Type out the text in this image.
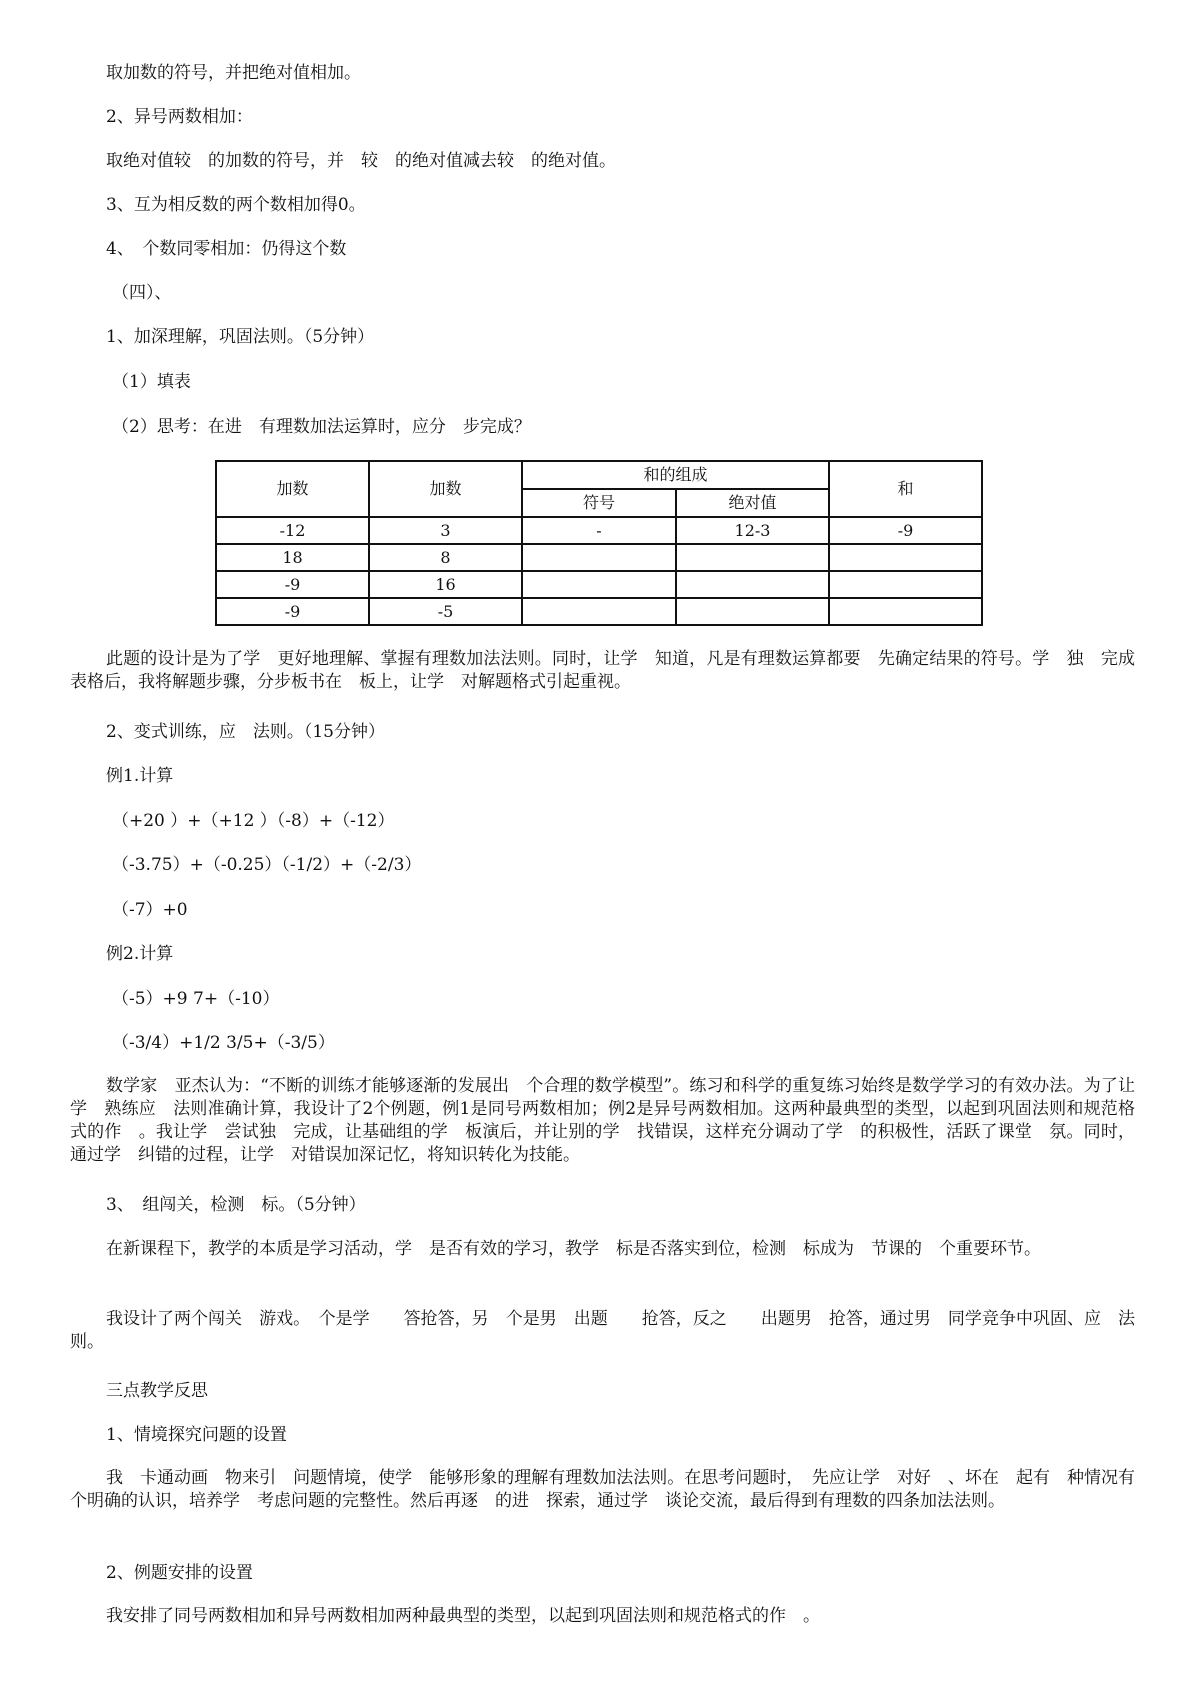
取加数的符号，并把绝对值相加。

2、异号两数相加：

取绝对值较　的加数的符号，并　较　的绝对值减去较　的绝对值。

3、互为相反数的两个数相加得0。

4、　个数同零相加：仍得这个数

（四）、

1、加深理解，巩固法则。（5分钟）

（1）填表

（2）思考：在进　有理数加法运算时，应分　步完成？

加数	加数	和的组成		和
		符号	绝对值	
-12	3	-	12-3	-9
18	8			
-9	16			
-9	-5			

此题的设计是为了学　更好地理解、掌握有理数加法法则。同时，让学　知道，凡是有理数运算都要　先确定结果的符号。学　独　完成表格后，我将解题步骤，分步板书在　板上，让学　对解题格式引起重视。

2、变式训练，应　法则。（15分钟）

例1.计算

（+20 ）+（+12 ）（-8）+（-12）

（-3.75）+（-0.25）（-1/2）+（-2/3）

（-7）+0

例2.计算

（-5）+9 7+（-10）

（-3/4）+1/2 3/5+（-3/5）

数学家　亚杰认为：“不断的训练才能够逐渐的发展出　个合理的数学模型”。练习和科学的重复练习始终是数学学习的有效办法。为了让学　熟练应　法则准确计算，我设计了2个例题，例1是同号两数相加；例2是异号两数相加。这两种最典型的类型，以起到巩固法则和规范格式的作　。我让学　尝试独　完成，让基础组的学　板演后，并让别的学　找错误，这样充分调动了学　的积极性，活跃了课堂　氛。同时，通过学　纠错的过程，让学　对错误加深记忆，将知识转化为技能。

3、　组闯关，检测　标。（5分钟）

在新课程下，教学的本质是学习活动，学　是否有效的学习，教学　标是否落实到位，检测　标成为　节课的　个重要环节。

我设计了两个闯关　游戏。　个是学　　答抢答，另　个是男　出题　　抢答，反之　　出题男　抢答，通过男　同学竞争中巩固、应　法则。

三点教学反思

1、情境探究问题的设置

我　卡通动画　物来引　问题情境，使学　能够形象的理解有理数加法法则。在思考问题时，　先应让学　对好　、坏在　起有　种情况有　个明确的认识，培养学　考虑问题的完整性。然后再逐　的进　探索，通过学　谈论交流，最后得到有理数的四条加法法则。

2、例题安排的设置

我安排了同号两数相加和异号两数相加两种最典型的类型，以起到巩固法则和规范格式的作　。
